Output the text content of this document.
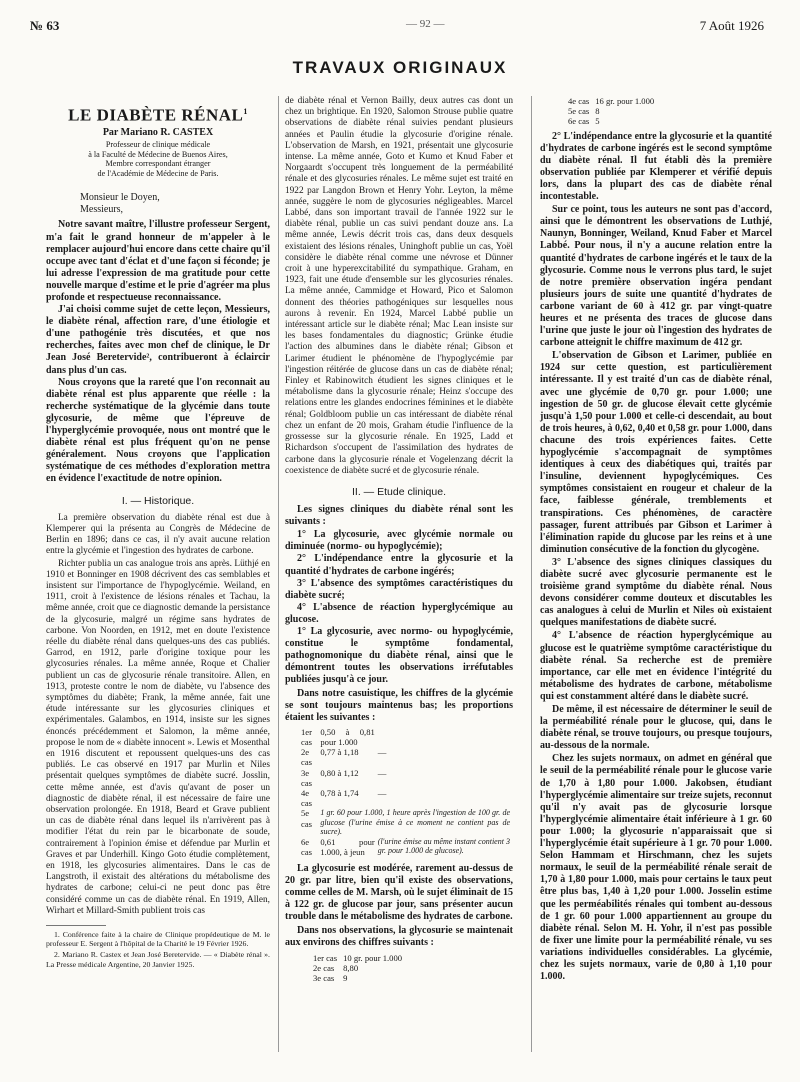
№ 63	— 92 —	7 Août 1926
TRAVAUX ORIGINAUX
LE DIABÈTE RÉNAL$^1$
Par Mariano R. CASTEX
Professeur de clinique médicale
à la Faculté de Médecine de Buenos Aires,
Membre correspondant étranger
de l'Académie de Médecine de Paris.
Monsieur le Doyen,
Messieurs,

Notre savant maître, l'illustre professeur Sergent, m'a fait le grand honneur de m'appeler à le remplacer aujourd'hui encore dans cette chaire qu'il occupe avec tant d'éclat et d'une façon si féconde; je lui adresse l'expression de ma gratitude pour cette nouvelle marque d'estime et le prie d'agréer ma plus profonde et respectueuse reconnaissance.

J'ai choisi comme sujet de cette leçon, Messieurs, le diabète rénal, affection rare, d'une étiologie et d'une pathogénie très discutées, et que nos recherches, faites avec mon chef de clinique, le Dr Jean José Beretervide², contribueront à éclaircir dans plus d'un cas.

Nous croyons que la rareté que l'on reconnait au diabète rénal est plus apparente que réelle : la recherche systématique de la glycémie dans toute glycosurie, de même que l'épreuve de l'hyperglycémie provoquée, nous ont montré que le diabète rénal est plus fréquent qu'on ne pense généralement. Nous croyons que l'application systématique de ces méthodes d'exploration mettra en évidence l'exactitude de notre opinion.

I. — Historique.

La première observation du diabète rénal est due à Klemperer qui la présenta au Congrès de Médecine de Berlin en 1896; dans ce cas, il n'y avait aucune relation entre la glycémie et l'ingestion des hydrates de carbone.

Richter publia un cas analogue trois ans après. Lüthjé en 1910 et Bonninger en 1908 décrivent des cas semblables et insistent sur l'importance de l'hypoglycémie. Weiland, en 1911, croit à l'existence de lésions rénales et Tachau, la même année, croit que ce diagnostic demande la persistance de la glycosurie, malgré un régime sans hydrates de carbone. Von Noorden, en 1912, met en doute l'existence réelle du diabète rénal dans quelques-uns des cas publiés. Garrod, en 1912, parle d'origine toxique pour les glycosuries rénales. La même année, Roque et Chalier publient un cas de glycosurie rénale transitoire. Allen, en 1913, proteste contre le nom de diabète, vu l'absence des symptômes du diabète; Frank, la même année, fait une étude intéressante sur les glycosuries cliniques et expérimentales. Galambos, en 1914, insiste sur les signes énoncés précédemment et Salomon, la même année, propose le nom de « diabète innocent ». Lewis et Mosenthal en 1916 discutent et repoussent quelques-uns des cas publiés. Le cas observé en 1917 par Murlin et Niles présentait quelques symptômes de diabète sucré. Josslin, cette même année, est d'avis qu'avant de poser un diagnostic de diabète rénal, il est nécessaire de faire une observation prolongée. En 1918, Beard et Grave publient un cas de diabète rénal dans lequel ils n'arrivèrent pas à modifier l'état du rein par le bicarbonate de soude, contrairement à l'opinion émise et défendue par Murlin et Graves et par Underhill. Kingo Goto étudie complètement, en 1918, les glycosuries alimentaires. Dans le cas de Langstroth, il existait des altérations du métabolisme des hydrates de carbone; celui-ci ne peut donc pas être considéré comme un cas de diabète rénal. En 1919, Allen, Wirhart et Millard-Smith publient trois cas

1. Conférence faite à la chaire de Clinique propédeutique de M. le professeur E. Sergent à l'hôpital de la Charité le 19 Février 1926.

2. Mariano R. Castex et Jean José Beretervide. — « Diabète rénal ». La Presse médicale Argentine, 20 Janvier 1925.

de diabète rénal et Vernon Bailly, deux autres cas dont un chez un brightique. En 1920, Salomon Strouse publie quatre observations de diabète rénal suivies pendant plusieurs années et Paulin étudie la glycosurie d'origine rénale. L'observation de Marsh, en 1921, présentait une glycosurie intense. La même année, Goto et Kumo et Knud Faber et Norgaardt s'occupent très longuement de la perméabilité rénale et des glycosuries rénales. Le même sujet est traité en 1922 par Langdon Brown et Henry Yohr. Leyton, la même année, suggère le nom de glycosuries négligeables. Marcel Labbé, dans son important travail de l'année 1922 sur le diabète rénal, publie un cas suivi pendant douze ans. La même année, Lewis décrit trois cas, dans deux desquels existaient des lésions rénales, Uninghoft publie un cas, Yoël considère le diabète rénal comme une névrose et Dünner croit à une hyperexcitabilité du sympathique. Graham, en 1923, fait une étude d'ensemble sur les glycosuries rénales. La même année, Cammidge et Howard, Pico et Salomon donnent des théories pathogéniques sur lesquelles nous aurons à revenir. En 1924, Marcel Labbé publie un intéressant article sur le diabète rénal; Mac Lean insiste sur les bases fondamentales du diagnostic; Grünke étudie l'action des albumines dans le diabète rénal; Gibson et Larimer étudient le phénomène de l'hypoglycémie par l'ingestion réitérée de glucose dans un cas de diabète rénal; Finley et Rabinowitch étudient les signes cliniques et le métabolisme dans la glycosurie rénale; Heinz s'occupe des relations entre les glandes endocrines féminines et le diabète rénal; Goldbloom publie un cas intéressant de diabète rénal chez un enfant de 20 mois, Graham étudie l'influence de la grossesse sur la glycosurie rénale. En 1925, Ladd et Richardson s'occupent de l'assimilation des hydrates de carbone dans la glycosurie rénale et Vogelenzang décrit la coexistence de diabète sucré et de glycosurie rénale.

II. — Etude clinique.

Les signes cliniques du diabète rénal sont les suivants :

1° La glycosurie, avec glycémie normale ou diminuée (normo- ou hypoglycémie);

2° L'indépendance entre la glycosurie et la quantité d'hydrates de carbone ingérés;

3° L'absence des symptômes caractéristiques du diabète sucré;

4° L'absence de réaction hyperglycémique au glucose.

1° La glycosurie, avec normo- ou hypoglycémie, constitue le symptôme fondamental, pathognomonique du diabète rénal, ainsi que le démontrent toutes les observations irréfutables publiées jusqu'à ce jour.

Dans notre casuistique, les chiffres de la glycémie se sont toujours maintenus bas; les proportions étaient les suivantes :

1er cas	0,50 à 0,81 pour 1.000	
2e cas	0,77 à 1,18	—
3e cas	0,80 à 1,12	—
4e cas	0,78 à 1,74	—
5e cas	1 gr. 60 pour 1.000, 1 heure après l'ingestion de 100 gr. de glucose (l'urine émise à ce moment ne contient pas de sucre).	
6e cas	0,61 pour 1.000, à jeun	(l'urine émise au même instant contient 3 gr. pour 1.000 de glucose).

La glycosurie est modérée, rarement au-dessus de 20 gr. par litre, bien qu'il existe des observations, comme celles de M. Marsh, où le sujet éliminait de 15 à 122 gr. de glucose par jour, sans présenter aucun trouble dans le métabolisme des hydrates de carbone.

Dans nos observations, la glycosurie se maintenait aux environs des chiffres suivants :

1er cas	10 gr. pour 1.000
2e cas	8,80
3e cas	9
4e cas	16 gr. pour 1.000
5e cas	8
6e cas	5

2° L'indépendance entre la glycosurie et la quantité d'hydrates de carbone ingérés est le second symptôme du diabète rénal. Il fut établi dès la première observation publiée par Klemperer et vérifié depuis lors, dans la plupart des cas de diabète rénal incontestable.

Sur ce point, tous les auteurs ne sont pas d'accord, ainsi que le démontrent les observations de Luthjé, Naunyn, Bonninger, Weiland, Knud Faber et Marcel Labbé. Pour nous, il n'y a aucune relation entre la quantité d'hydrates de carbone ingérés et le taux de la glycosurie. Comme nous le verrons plus tard, le sujet de notre première observation ingéra pendant plusieurs jours de suite une quantité d'hydrates de carbone variant de 60 à 412 gr. par vingt-quatre heures et ne présenta des traces de glucose dans l'urine que juste le jour où l'ingestion des hydrates de carbone atteignit le chiffre maximum de 412 gr.

L'observation de Gibson et Larimer, publiée en 1924 sur cette question, est particulièrement intéressante. Il y est traité d'un cas de diabète rénal, avec une glycémie de 0,70 gr. pour 1.000; une ingestion de 50 gr. de glucose élevait cette glycémie jusqu'à 1,50 pour 1.000 et celle-ci descendait, au bout de trois heures, à 0,62, 0,40 et 0,58 gr. pour 1.000, dans chacune des trois expériences faites. Cette hypoglycémie s'accompagnait de symptômes identiques à ceux des diabétiques qui, traités par l'insuline, deviennent hypoglycémiques. Ces symptômes consistaient en rougeur et chaleur de la face, faiblesse générale, tremblements et transpirations. Ces phénomènes, de caractère passager, furent attribués par Gibson et Larimer à l'élimination rapide du glucose par les reins et à une diminution consécutive de la fonction du glycogène.

3° L'absence des signes cliniques classiques du diabète sucré avec glycosurie permanente est le troisième grand symptôme du diabète rénal. Nous devons considérer comme douteux et discutables les cas analogues à celui de Murlin et Niles où existaient quelques manifestations de diabète sucré.

4° L'absence de réaction hyperglycémique au glucose est le quatrième symptôme caractéristique du diabète rénal. Sa recherche est de première importance, car elle met en évidence l'intégrité du métabolisme des hydrates de carbone, métabolisme qui est constamment altéré dans le diabète sucré.

De même, il est nécessaire de déterminer le seuil de la perméabilité rénale pour le glucose, qui, dans le diabète rénal, se trouve toujours, ou presque toujours, au-dessous de la normale.

Chez les sujets normaux, on admet en général que le seuil de la perméabilité rénale pour le glucose varie de 1,70 à 1,80 pour 1.000. Jakobsen, étudiant l'hyperglycémie alimentaire sur treize sujets, reconnut qu'il n'y avait pas de glycosurie lorsque l'hyperglycémie alimentaire était inférieure à 1 gr. 60 pour 1.000; la glycosurie n'apparaissait que si l'hyperglycémie était supérieure à 1 gr. 70 pour 1.000. Selon Hammam et Hirschmann, chez les sujets normaux, le seuil de la perméabilité rénale serait de 1,70 à 1,80 pour 1.000, mais pour certains le taux peut être plus bas, 1,40 à 1,20 pour 1.000. Josselin estime que les perméabilités rénales qui tombent au-dessous de 1 gr. 60 pour 1.000 appartiennent au groupe du diabète rénal. Selon M. H. Yohr, il n'est pas possible de fixer une limite pour la perméabilité rénale, vu ses variations individuelles considérables. La glycémie, chez les sujets normaux, varie de 0,80 à 1,10 pour 1.000.
